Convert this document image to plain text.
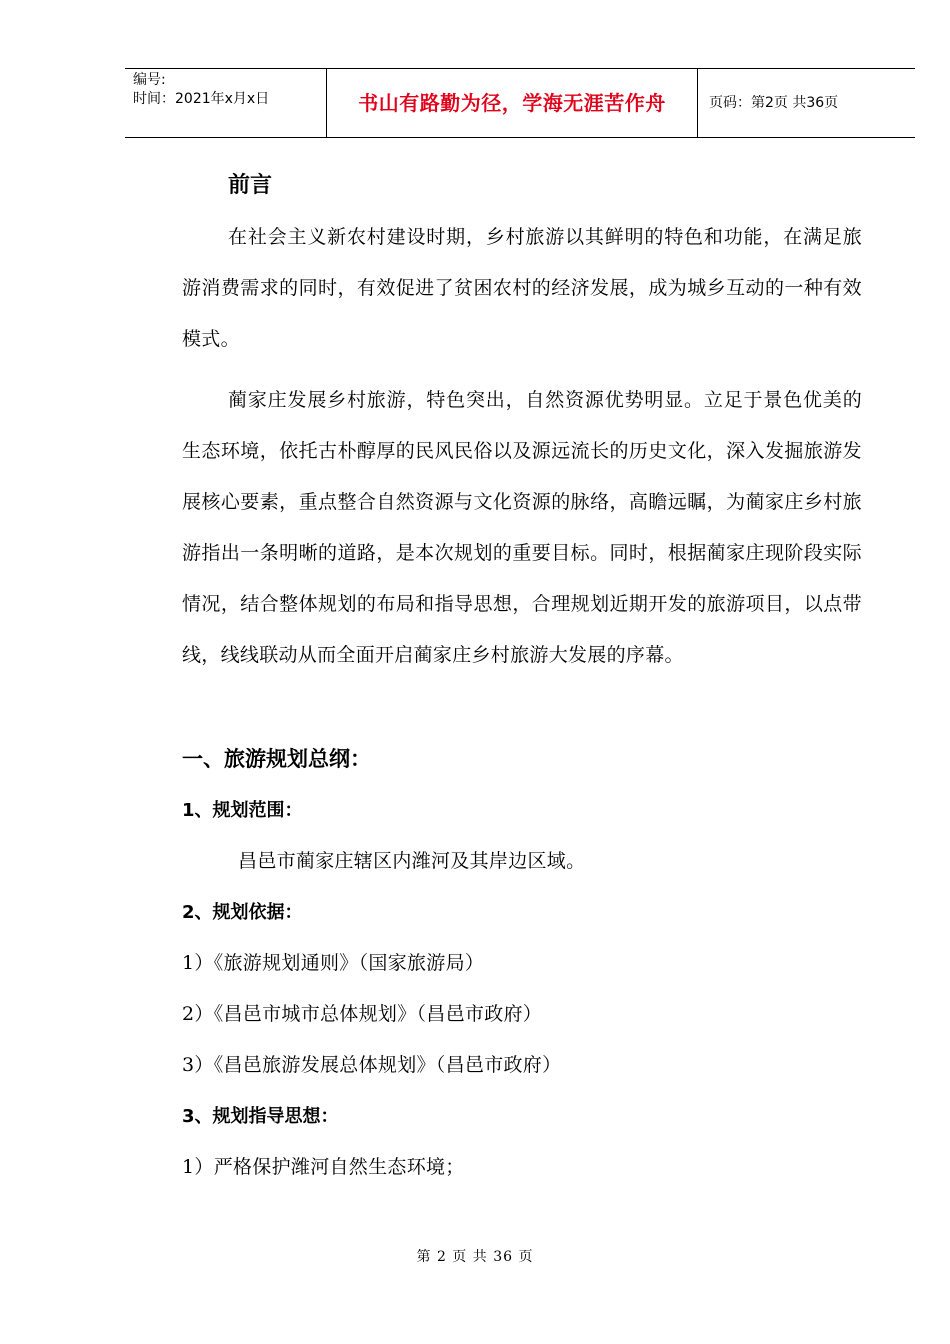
编号:
时间：2021年x月x日	书山有路勤为径，学海无涯苦作舟	页码：第2页 共36页
前言

在社会主义新农村建设时期，乡村旅游以其鲜明的特色和功能，在满足旅游消费需求的同时，有效促进了贫困农村的经济发展，成为城乡互动的一种有效模式。

蔺家庄发展乡村旅游，特色突出，自然资源优势明显。立足于景色优美的生态环境，依托古朴醇厚的民风民俗以及源远流长的历史文化，深入发掘旅游发展核心要素，重点整合自然资源与文化资源的脉络，高瞻远瞩，为蔺家庄乡村旅游指出一条明晰的道路，是本次规划的重要目标。同时，根据蔺家庄现阶段实际情况，结合整体规划的布局和指导思想，合理规划近期开发的旅游项目，以点带线，线线联动从而全面开启蔺家庄乡村旅游大发展的序幕。

一、旅游规划总纲：
1、规划范围：
昌邑市蔺家庄辖区内潍河及其岸边区域。
2、规划依据：
1）《旅游规划通则》（国家旅游局）
2）《昌邑市城市总体规划》（昌邑市政府）
3）《昌邑旅游发展总体规划》（昌邑市政府）
3、规划指导思想：
1）严格保护潍河自然生态环境；
第 2 页 共 36 页
